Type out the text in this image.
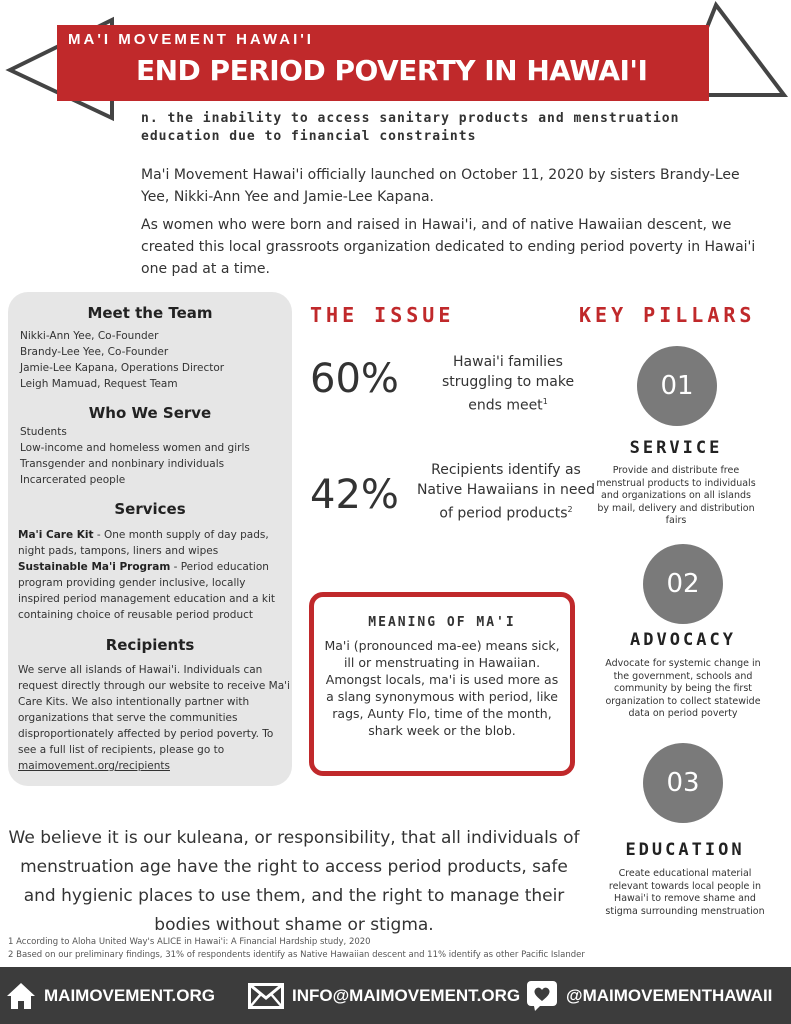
MA'I MOVEMENT HAWAI'I
END PERIOD POVERTY IN HAWAI'I
n. the inability to access sanitary products and menstruation education due to financial constraints
Ma'i Movement Hawai'i officially launched on October 11, 2020 by sisters Brandy-Lee Yee, Nikki-Ann Yee and Jamie-Lee Kapana.
As women who were born and raised in Hawai'i, and of native Hawaiian descent, we created this local grassroots organization dedicated to ending period poverty in Hawai'i one pad at a time.
Meet the Team
Nikki-Ann Yee, Co-Founder
Brandy-Lee Yee, Co-Founder
Jamie-Lee Kapana, Operations Director
Leigh Mamuad, Request Team
Who We Serve
Students
Low-income and homeless women and girls
Transgender and nonbinary individuals
Incarcerated people
Services
Ma'i Care Kit - One month supply of day pads, night pads, tampons, liners and wipes
Sustainable Ma'i Program - Period education program providing gender inclusive, locally inspired period management education and a kit containing choice of reusable period product
Recipients
We serve all islands of Hawai'i. Individuals can request directly through our website to receive Ma'i Care Kits. We also intentionally partner with organizations that serve the communities disproportionately affected by period poverty. To see a full list of recipients, please go to
maimovement.org/recipients
THE ISSUE
60%	Hawai'i families struggling to make ends meet$^1$
42%
Recipients identify as Native Hawaiians in need of period products$^2$
MEANING OF MA'I
Ma'i (pronounced ma-ee) means sick, ill or menstruating in Hawaiian. Amongst locals, ma'i is used more as a slang synonymous with period, like rags, Aunty Flo, time of the month, shark week or the blob.
KEY PILLARS
01
SERVICE
Provide and distribute free menstrual products to individuals and organizations on all islands by mail, delivery and distribution fairs
02
ADVOCACY
Advocate for systemic change in the government, schools and community by being the first organization to collect statewide data on period poverty
03
EDUCATION
Create educational material relevant towards local people in Hawai'i to remove shame and stigma surrounding menstruation
We believe it is our kuleana, or responsibility, that all individuals of menstruation age have the right to access period products, safe and hygienic places to use them, and the right to manage their bodies without shame or stigma.
1 According to Aloha United Way's ALICE in Hawai'i: A Financial Hardship study, 2020
2 Based on our preliminary findings, 31% of respondents identify as Native Hawaiian descent and 11% identify as other Pacific Islander
MAIMOVEMENT.ORG	INFO@MAIMOVEMENT.ORG	@MAIMOVEMENTHAWAII
